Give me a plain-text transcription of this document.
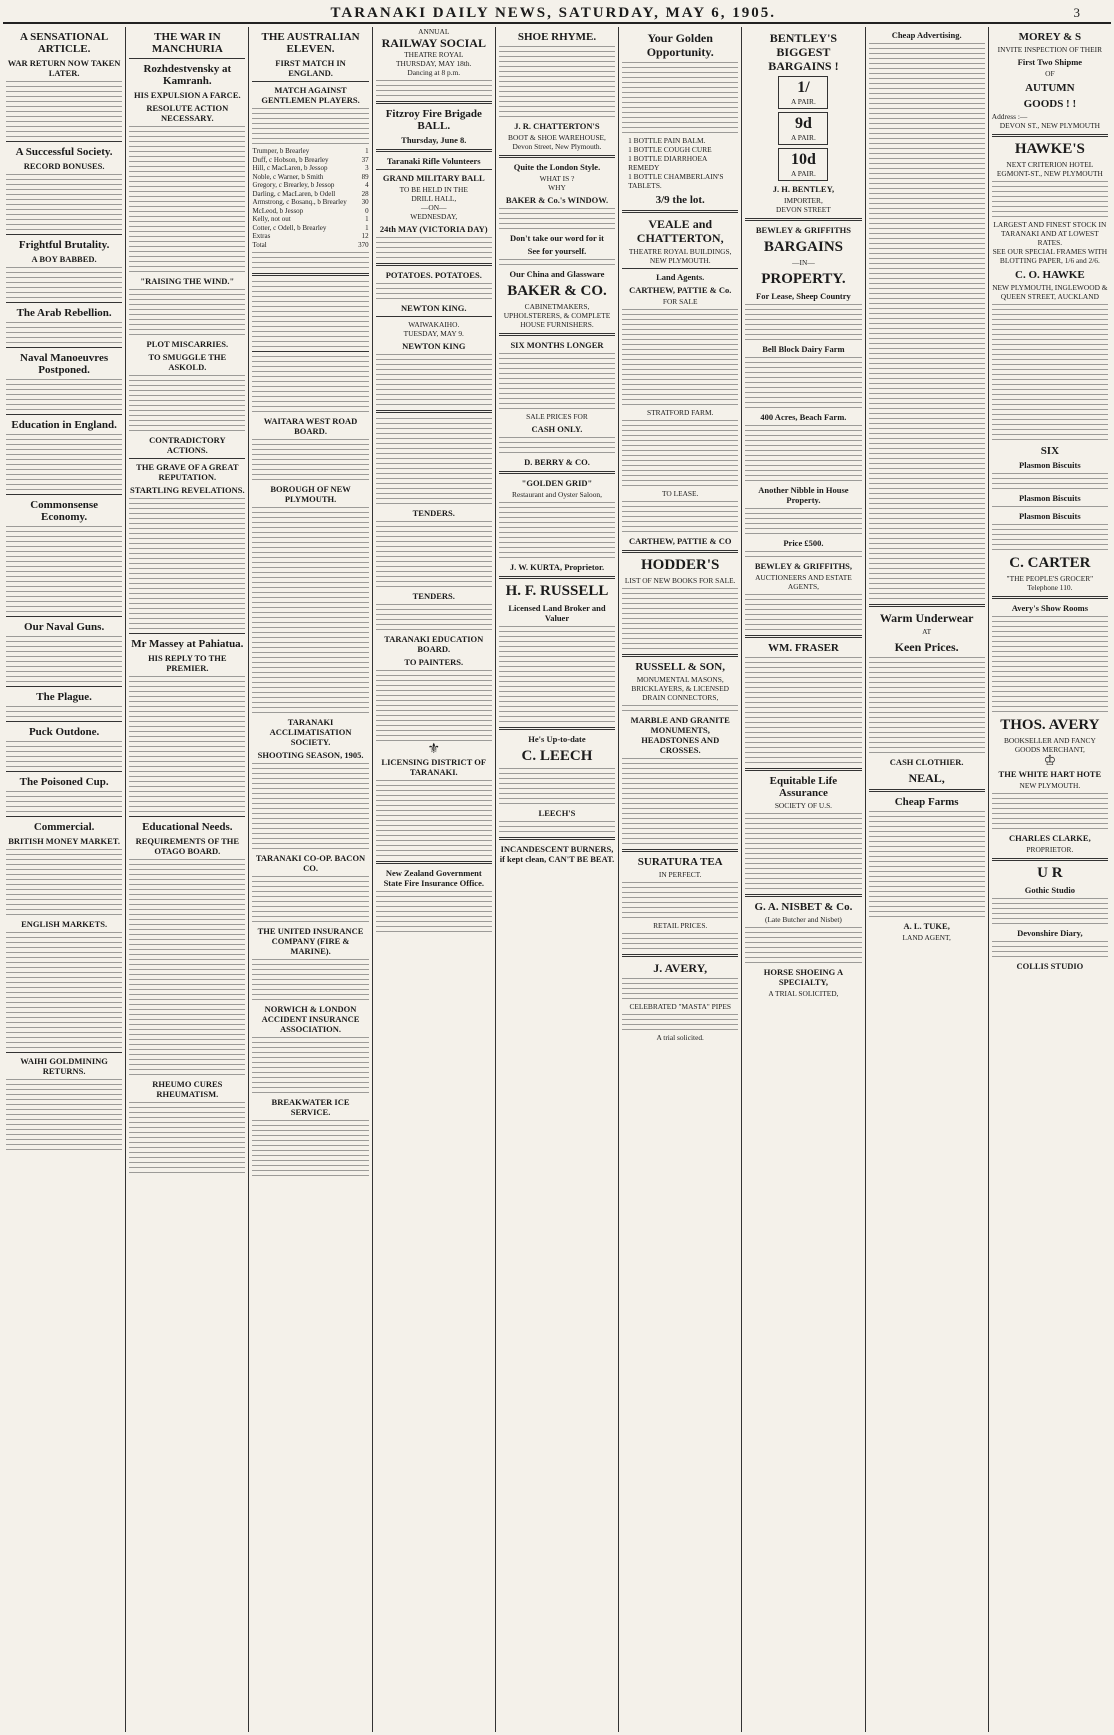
TARANAKI DAILY NEWS, SATURDAY, MAY 6, 1905.	3
A SENSATIONAL ARTICLE.
WAR RETURN NOW TAKEN LATER.
A Successful Society.
RECORD BONUSES.
Frightful Brutality.
A BOY BABBED.
The Arab Rebellion.
Naval Manoeuvres Postponed.
Education in England.
Commonsense Economy.
Our Naval Guns.
The Plague.
Puck Outdone.
The Poisoned Cup.
Commercial.
BRITISH MONEY MARKET.
ENGLISH MARKETS.
WAIHI GOLDMINING RETURNS.
THE WAR IN MANCHURIA
Rozhdestvensky at Kamranh.
HIS EXPULSION A FARCE.
RESOLUTE ACTION NECESSARY.
"RAISING THE WIND."
PLOT MISCARRIES.
TO SMUGGLE THE ASKOLD.
CONTRADICTORY ACTIONS.
THE GRAVE OF A GREAT REPUTATION.
STARTLING REVELATIONS.
Mr Massey at Pahiatua.
HIS REPLY TO THE PREMIER.
Educational Needs.
REQUIREMENTS OF THE OTAGO BOARD.
RHEUMO CURES RHEUMATISM.
THE AUSTRALIAN ELEVEN.
FIRST MATCH IN ENGLAND.
MATCH AGAINST GENTLEMEN PLAYERS.
Trumper, b Brearley	1
Duff, c Hobson, b Brearley	37
Hill, c MacLaren, b Jessop	3
Noble, c Warner, b Smith	89
Gregory, c Brearley, b Jessop	4
Darling, c MacLaren, b Odell	28
Armstrong, c Bosanq., b Brearley	30
McLeod, b Jessop	0
Kelly, not out	1
Cotter, c Odell, b Brearley	1
Extras	12
Total	370
WAITARA WEST ROAD BOARD.
BOROUGH OF NEW PLYMOUTH.
TARANAKI ACCLIMATISATION SOCIETY.
SHOOTING SEASON, 1905.
TARANAKI CO-OP. BACON CO.
THE UNITED INSURANCE COMPANY (FIRE & MARINE).
NORWICH & LONDON ACCIDENT INSURANCE ASSOCIATION.
BREAKWATER ICE SERVICE.
ANNUAL
RAILWAY SOCIAL
THEATRE ROYAL
THURSDAY, MAY 18th.
Dancing at 8 p.m.
Fitzroy Fire Brigade BALL.
Thursday, June 8.
Taranaki Rifle Volunteers
GRAND MILITARY BALL
TO BE HELD IN THE
DRILL HALL,
—ON—
WEDNESDAY,
24th MAY (VICTORIA DAY)
POTATOES. POTATOES.
NEWTON KING.
WAIWAKAIHO.
TUESDAY, MAY 9.
NEWTON KING
TENDERS.
TENDERS.
TARANAKI EDUCATION BOARD.
TO PAINTERS.
⚜
LICENSING DISTRICT OF TARANAKI.
New Zealand Government State Fire Insurance Office.
SHOE RHYME.
J. R. CHATTERTON'S
BOOT & SHOE WAREHOUSE,
Devon Street, New Plymouth.
Quite the London Style.
WHAT IS ?
WHY
BAKER & Co.'s WINDOW.
Don't take our word for it
See for yourself.
Our China and Glassware
BAKER & CO.
CABINETMAKERS, UPHOLSTERERS, & COMPLETE HOUSE FURNISHERS.
SIX MONTHS LONGER
SALE PRICES FOR
CASH ONLY.
D. BERRY & CO.
"GOLDEN GRID"
Restaurant and Oyster Saloon,
J. W. KURTA, Proprietor.
H. F. RUSSELL
Licensed Land Broker and Valuer
He's Up-to-date
C. LEECH
LEECH'S
INCANDESCENT BURNERS, if kept clean, CAN'T BE BEAT.
Your Golden Opportunity.
1 BOTTLE PAIN BALM.
1 BOTTLE COUGH CURE
1 BOTTLE DIARRHOEA REMEDY
1 BOTTLE CHAMBERLAIN'S TABLETS.
3/9 the lot.
VEALE and CHATTERTON,
THEATRE ROYAL BUILDINGS, NEW PLYMOUTH.
Land Agents.
CARTHEW, PATTIE & Co.
FOR SALE
STRATFORD FARM.
TO LEASE.
CARTHEW, PATTIE & CO
HODDER'S
LIST OF NEW BOOKS FOR SALE.
RUSSELL & SON,
MONUMENTAL MASONS, BRICKLAYERS, & LICENSED DRAIN CONNECTORS,
MARBLE AND GRANITE MONUMENTS, HEADSTONES AND CROSSES.
SURATURA TEA
IN PERFECT.
RETAIL PRICES.
J. AVERY,
CELEBRATED "MASTA" PIPES
A trial solicited.
BENTLEY'S BIGGEST BARGAINS !
1/
A PAIR.
9d
A PAIR.
10d
A PAIR.
J. H. BENTLEY,
IMPORTER,
DEVON STREET
BEWLEY & GRIFFITHS
BARGAINS
—IN—
PROPERTY.
For Lease, Sheep Country
Bell Block Dairy Farm
400 Acres, Beach Farm.
Another Nibble in House Property.
Price £500.
BEWLEY & GRIFFITHS,
AUCTIONEERS AND ESTATE AGENTS,
WM. FRASER
Equitable Life Assurance
SOCIETY OF U.S.
G. A. NISBET & Co.
(Late Butcher and Nisbet)
HORSE SHOEING A SPECIALTY,
A TRIAL SOLICITED,
Cheap Advertising.
Warm Underwear
AT
Keen Prices.
CASH CLOTHIER.
NEAL,
Cheap Farms
A. L. TUKE,
LAND AGENT,
MOREY & S
INVITE INSPECTION OF THEIR
First Two Shipme
OF
AUTUMN
GOODS ! !
Address :—
DEVON ST., NEW PLYMOUTH
HAWKE'S
NEXT CRITERION HOTEL
EGMONT-ST., NEW PLYMOUTH
LARGEST AND FINEST STOCK IN TARANAKI AND AT LOWEST RATES.
SEE OUR SPECIAL FRAMES WITH BLOTTING PAPER, 1/6 and 2/6.
C. O. HAWKE
NEW PLYMOUTH, INGLEWOOD & QUEEN STREET, AUCKLAND
SIX
Plasmon Biscuits
Plasmon Biscuits
Plasmon Biscuits
C. CARTER
"THE PEOPLE'S GROCER"
Telephone 110.
Avery's Show Rooms
THOS. AVERY
BOOKSELLER AND FANCY GOODS MERCHANT,
♔
THE WHITE HART HOTE
NEW PLYMOUTH.
CHARLES CLARKE,
PROPRIETOR.
U R
Gothic Studio
Devonshire Diary,
COLLIS STUDIO
